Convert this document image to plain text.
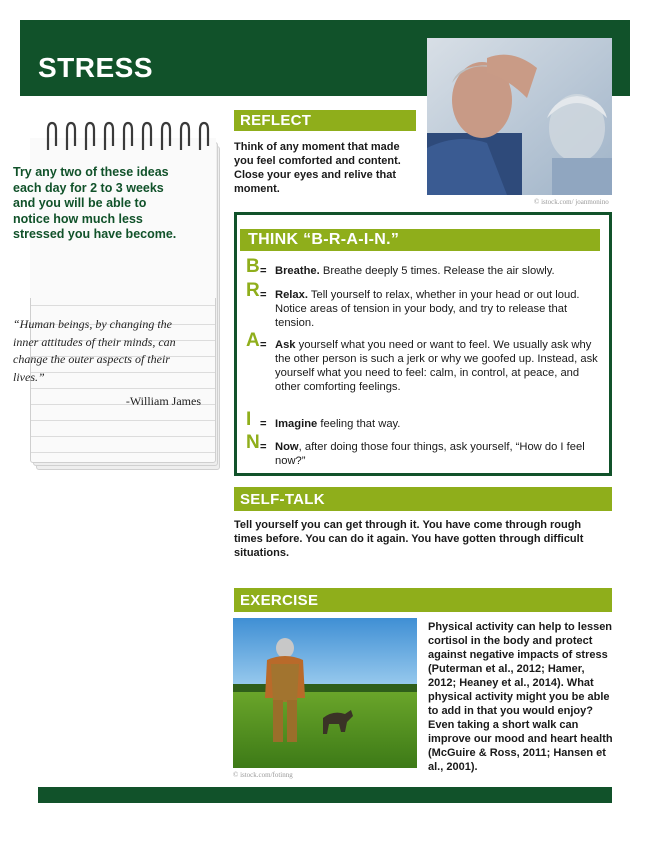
STRESS
© istock.com/ joanmonino
Try any two of these ideas each day for 2 to 3 weeks and you will be able to notice how much less stressed you have become.
“Human beings, by changing the inner attitudes of their minds, can change the outer aspects of their lives.”
-William James
REFLECT
Think of any moment that made you feel comforted and content. Close your eyes and relive that moment.
THINK “B-R-A-I-N.”
B = Breathe. Breathe deeply 5 times. Release the air slowly.
R = Relax. Tell yourself to relax, whether in your head or out loud. Notice areas of tension in your body, and try to release that tension.
A = Ask yourself what you need or want to feel. We usually ask why the other person is such a jerk or why we goofed up. Instead, ask yourself what you need to feel: calm, in control, at peace, and other comforting feelings.
I = Imagine feeling that way.
N = Now, after doing those four things, ask yourself, “How do I feel now?”
SELF-TALK
Tell yourself you can get through it. You have come through rough times before. You can do it again. You have gotten through difficult situations.
EXERCISE
© istock.com/fotinng
Physical activity can help to lessen cortisol in the body and protect against negative impacts of stress (Puterman et al., 2012; Hamer, 2012; Heaney et al., 2014). What physical activity might you be able to add in that you would enjoy? Even taking a short walk can improve our mood and heart health (McGuire & Ross, 2011; Hansen et al., 2001).
